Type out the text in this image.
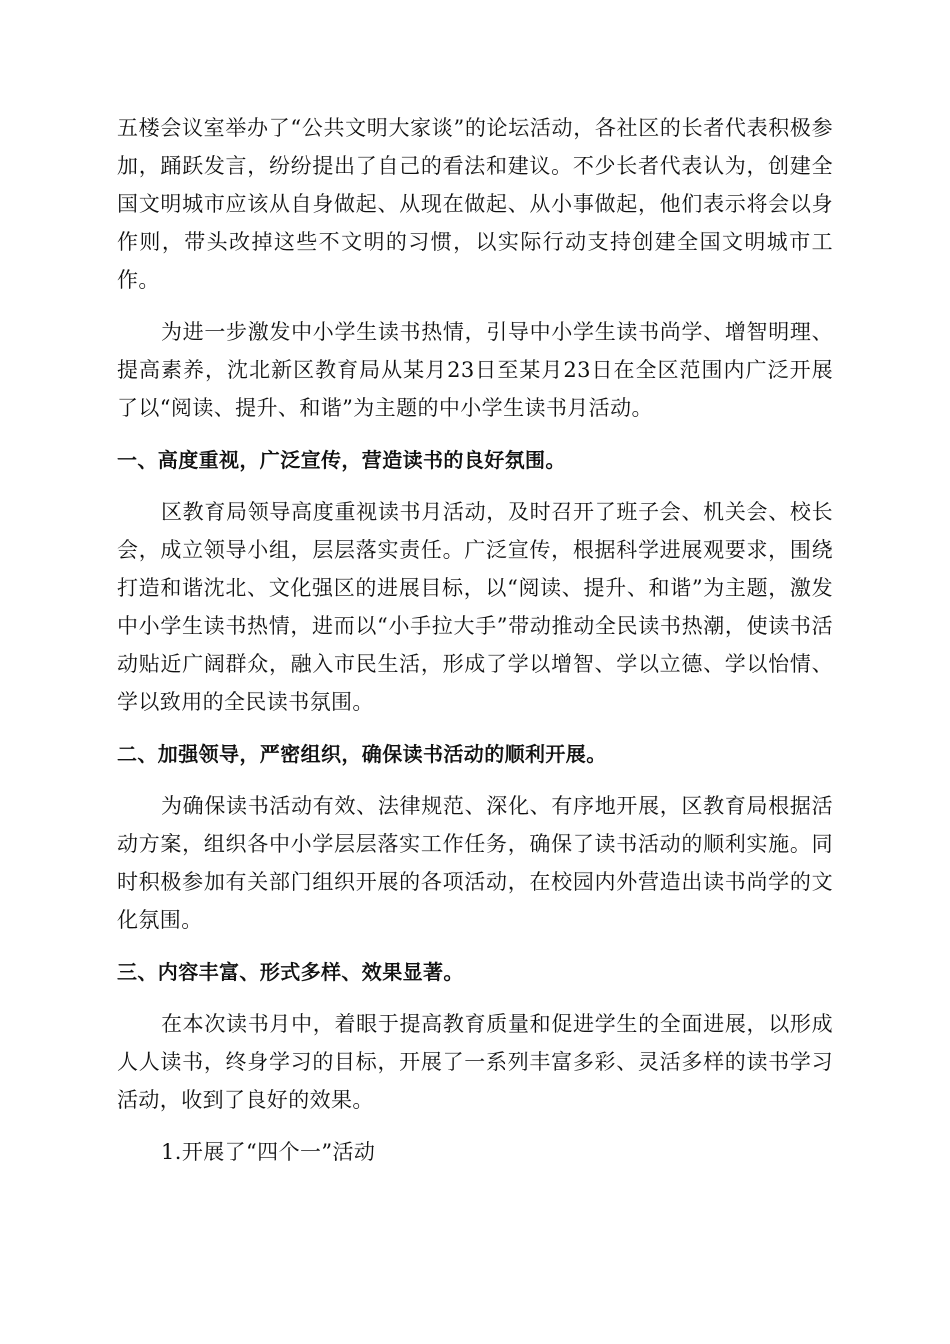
五楼会议室举办了“公共文明大家谈”的论坛活动，各社区的长者代表积极参加，踊跃发言，纷纷提出了自己的看法和建议。不少长者代表认为，创建全国文明城市应该从自身做起、从现在做起、从小事做起，他们表示将会以身作则，带头改掉这些不文明的习惯，以实际行动支持创建全国文明城市工作。

为进一步激发中小学生读书热情，引导中小学生读书尚学、增智明理、提高素养，沈北新区教育局从某月23日至某月23日在全区范围内广泛开展了以“阅读、提升、和谐”为主题的中小学生读书月活动。

一、高度重视，广泛宣传，营造读书的良好氛围。

区教育局领导高度重视读书月活动，及时召开了班子会、机关会、校长会，成立领导小组，层层落实责任。广泛宣传，根据科学进展观要求，围绕打造和谐沈北、文化强区的进展目标，以“阅读、提升、和谐”为主题，激发中小学生读书热情，进而以“小手拉大手”带动推动全民读书热潮，使读书活动贴近广阔群众，融入市民生活，形成了学以增智、学以立德、学以怡情、学以致用的全民读书氛围。

二、加强领导，严密组织，确保读书活动的顺利开展。

为确保读书活动有效、法律规范、深化、有序地开展，区教育局根据活动方案，组织各中小学层层落实工作任务，确保了读书活动的顺利实施。同时积极参加有关部门组织开展的各项活动，在校园内外营造出读书尚学的文化氛围。

三、内容丰富、形式多样、效果显著。

在本次读书月中，着眼于提高教育质量和促进学生的全面进展，以形成人人读书，终身学习的目标，开展了一系列丰富多彩、灵活多样的读书学习活动，收到了良好的效果。

1.开展了“四个一”活动
